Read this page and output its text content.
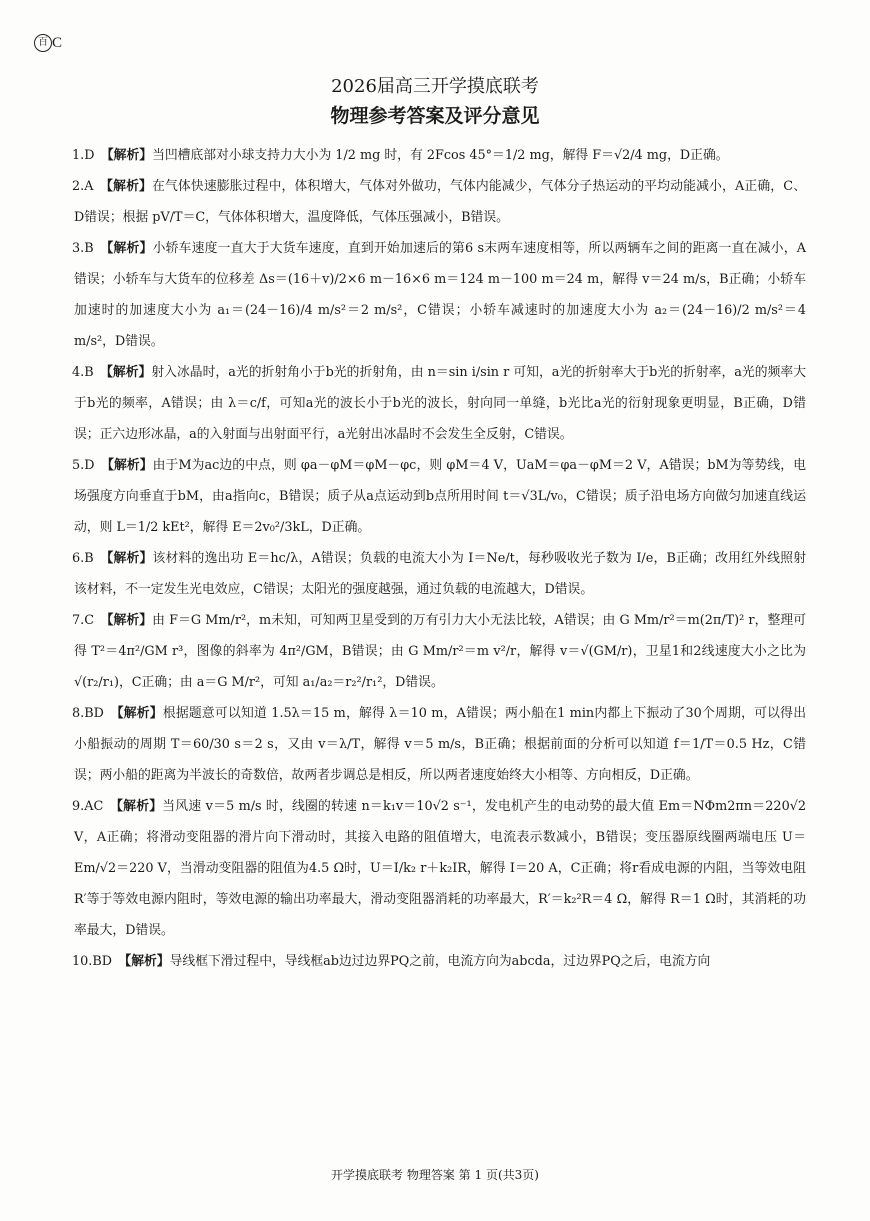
百 C
2026届高三开学摸底联考
物理参考答案及评分意见

1.D　 【解析】当凹槽底部对小球支持力大小为 1/2 mg 时，有 2Fcos 45°＝1/2 mg，解得 F＝√2/4 mg，D正确。

2.A　 【解析】在气体快速膨胀过程中，体积增大，气体对外做功，气体内能减少，气体分子热运动的平均动能减小，A正确，C、D错误；根据 pV/T＝C，气体体积增大，温度降低，气体压强减小，B错误。

3.B　 【解析】小轿车速度一直大于大货车速度，直到开始加速后的第6 s末两车速度相等，所以两辆车之间的距离一直在减小，A错误；小轿车与大货车的位移差 Δs＝(16＋v)/2×6 m－16×6 m＝124 m－100 m＝24 m，解得 v＝24 m/s，B正确；小轿车加速时的加速度大小为 a₁＝(24－16)/4 m/s²＝2 m/s²，C错误；小轿车减速时的加速度大小为 a₂＝(24－16)/2 m/s²＝4 m/s²，D错误。

4.B　 【解析】射入冰晶时，a光的折射角小于b光的折射角，由 n＝sin i/sin r 可知，a光的折射率大于b光的折射率，a光的频率大于b光的频率，A错误；由 λ＝c/f，可知a光的波长小于b光的波长，射向同一单缝，b光比a光的衍射现象更明显，B正确，D错误；正六边形冰晶，a的入射面与出射面平行，a光射出冰晶时不会发生全反射，C错误。

5.D　 【解析】由于M为ac边的中点，则 φa－φM＝φM－φc，则 φM＝4 V，UaM＝φa－φM＝2 V，A错误；bM为等势线，电场强度方向垂直于bM，由a指向c，B错误；质子从a点运动到b点所用时间 t＝√3L/v₀，C错误；质子沿电场方向做匀加速直线运动，则 L＝1/2 kEt²，解得 E＝2v₀²/3kL，D正确。

6.B　 【解析】该材料的逸出功 E＝hc/λ，A错误；负载的电流大小为 I＝Ne/t，每秒吸收光子数为 I/e，B正确；改用红外线照射该材料，不一定发生光电效应，C错误；太阳光的强度越强，通过负载的电流越大，D错误。

7.C　 【解析】由 F＝G Mm/r²，m未知，可知两卫星受到的万有引力大小无法比较，A错误；由 G Mm/r²＝m(2π/T)² r，整理可得 T²＝4π²/GM r³，图像的斜率为 4π²/GM，B错误；由 G Mm/r²＝m v²/r，解得 v＝√(GM/r)，卫星1和2线速度大小之比为 √(r₂/r₁)，C正确；由 a＝G M/r²，可知 a₁/a₂＝r₂²/r₁²，D错误。

8.BD　 【解析】根据题意可以知道 1.5λ＝15 m，解得 λ＝10 m，A错误；两小船在1 min内都上下振动了30个周期，可以得出小船振动的周期 T＝60/30 s＝2 s，又由 v＝λ/T，解得 v＝5 m/s，B正确；根据前面的分析可以知道 f＝1/T＝0.5 Hz，C错误；两小船的距离为半波长的奇数倍，故两者步调总是相反，所以两者速度始终大小相等、方向相反，D正确。

9.AC　 【解析】当风速 v＝5 m/s 时，线圈的转速 n＝k₁v＝10√2 s⁻¹，发电机产生的电动势的最大值 Em＝NΦm2πn＝220√2 V，A正确；将滑动变阻器的滑片向下滑动时，其接入电路的阻值增大，电流表示数减小，B错误；变压器原线圈两端电压 U＝Em/√2＝220 V，当滑动变阻器的阻值为4.5 Ω时，U＝I/k₂ r＋k₂IR，解得 I＝20 A，C正确；将r看成电源的内阻，当等效电阻R′等于等效电源内阻时，等效电源的输出功率最大，滑动变阻器消耗的功率最大，R′＝k₂²R＝4 Ω，解得 R＝1 Ω时，其消耗的功率最大，D错误。

10.BD　 【解析】导线框下滑过程中，导线框ab边过边界PQ之前，电流方向为abcda，过边界PQ之后，电流方向

开学摸底联考 物理答案 第 1 页(共3页)
